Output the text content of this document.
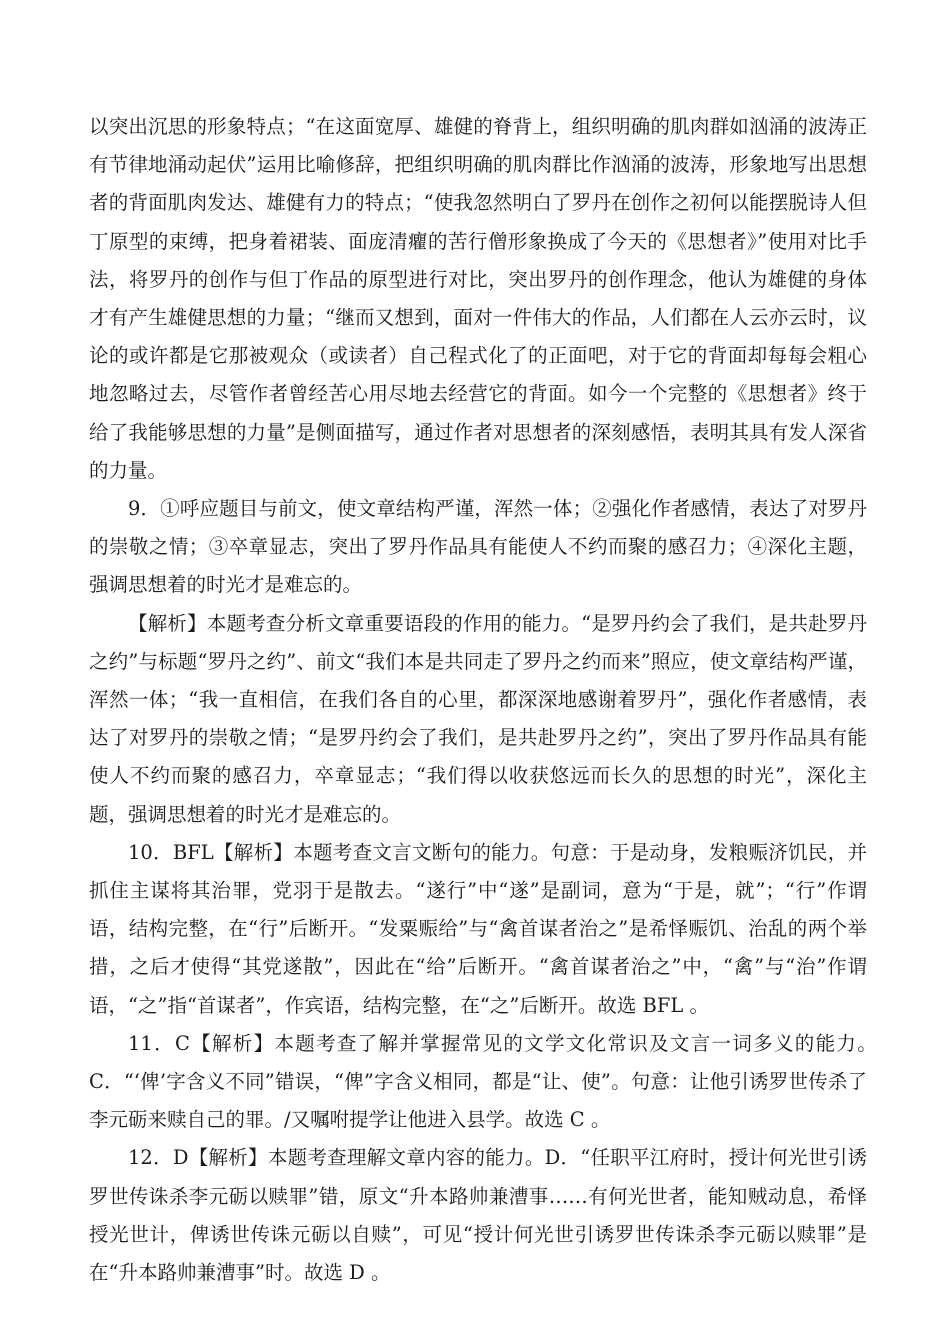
以突出沉思的形象特点；“在这面宽厚、雄健的脊背上，组织明确的肌肉群如汹涌的波涛正有节律地涌动起伏”运用比喻修辞，把组织明确的肌肉群比作汹涌的波涛，形象地写出思想者的背面肌肉发达、雄健有力的特点；“使我忽然明白了罗丹在创作之初何以能摆脱诗人但丁原型的束缚，把身着裙装、面庞清癯的苦行僧形象换成了今天的《思想者》”使用对比手法，将罗丹的创作与但丁作品的原型进行对比，突出罗丹的创作理念，他认为雄健的身体才有产生雄健思想的力量；“继而又想到，面对一件伟大的作品，人们都在人云亦云时，议论的或许都是它那被观众（或读者）自己程式化了的正面吧，对于它的背面却每每会粗心地忽略过去，尽管作者曾经苦心用尽地去经营它的背面。如今一个完整的《思想者》终于给了我能够思想的力量”是侧面描写，通过作者对思想者的深刻感悟，表明其具有发人深省的力量。

9．①呼应题目与前文，使文章结构严谨，浑然一体；②强化作者感情，表达了对罗丹的崇敬之情；③卒章显志，突出了罗丹作品具有能使人不约而聚的感召力；④深化主题，强调思想着的时光才是难忘的。

【解析】本题考查分析文章重要语段的作用的能力。“是罗丹约会了我们，是共赴罗丹之约”与标题“罗丹之约”、前文“我们本是共同走了罗丹之约而来”照应，使文章结构严谨，浑然一体；“我一直相信，在我们各自的心里，都深深地感谢着罗丹”，强化作者感情，表达了对罗丹的崇敬之情；“是罗丹约会了我们，是共赴罗丹之约”，突出了罗丹作品具有能使人不约而聚的感召力，卒章显志；“我们得以收获悠远而长久的思想的时光”，深化主题，强调思想着的时光才是难忘的。

10．BFL【解析】本题考查文言文断句的能力。句意：于是动身，发粮赈济饥民，并抓住主谋将其治罪，党羽于是散去。“遂行”中“遂”是副词，意为“于是，就”；“行”作谓语，结构完整，在“行”后断开。“发粟赈给”与“禽首谋者治之”是希怿赈饥、治乱的两个举措，之后才使得“其党遂散”，因此在“给”后断开。“禽首谋者治之”中，“禽”与“治”作谓语，“之”指“首谋者”，作宾语，结构完整，在“之”后断开。故选 BFL 。

11．C【解析】本题考查了解并掌握常见的文学文化常识及文言一词多义的能力。　C．“‘俾’字含义不同”错误，“俾”字含义相同，都是“让、使”。句意：让他引诱罗世传杀了李元砺来赎自己的罪。/又嘱咐提学让他进入县学。故选 C 。

12．D【解析】本题考查理解文章内容的能力。D．“任职平江府时，授计何光世引诱罗世传诛杀李元砺以赎罪”错，原文“升本路帅兼漕事……有何光世者，能知贼动息，希怿授光世计，俾诱世传诛元砺以自赎”，可见“授计何光世引诱罗世传诛杀李元砺以赎罪”是在“升本路帅兼漕事”时。故选 D 。
